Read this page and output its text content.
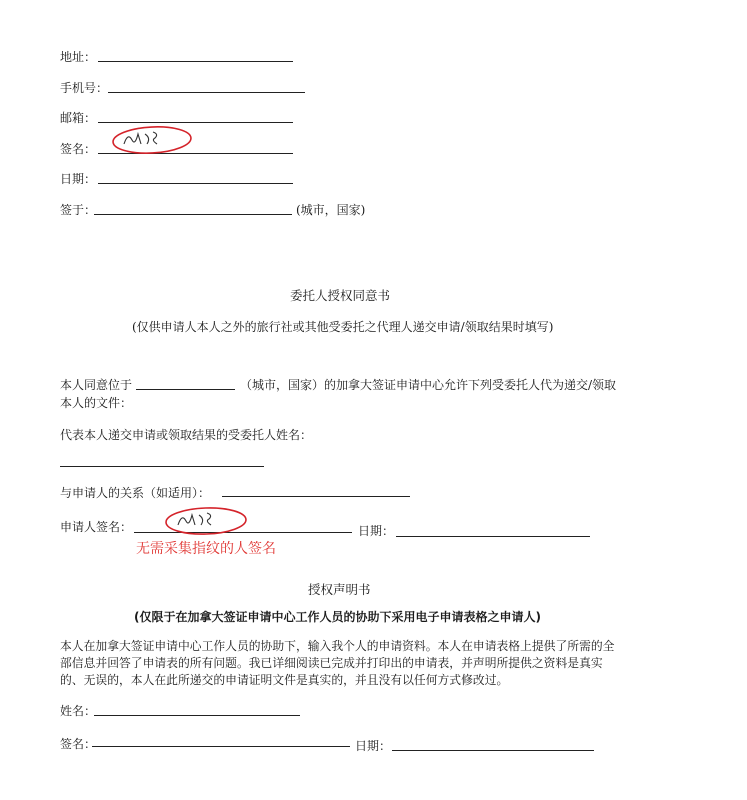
地址：
手机号：
邮箱：
签名：
日期：
签于：	(城市，国家)
委托人授权同意书
(仅供申请人本人之外的旅行社或其他受委托之代理人递交申请/领取结果时填写)
本人同意位于	（城市，国家）的加拿大签证申请中心允许下列受委托人代为递交/领取
本人的文件：
代表本人递交申请或领取结果的受委托人姓名：
与申请人的关系（如适用）：
申请人签名：	日期：
无需采集指纹的人签名
授权声明书
(仅限于在加拿大签证申请中心工作人员的协助下采用电子申请表格之申请人)
本人在加拿大签证申请中心工作人员的协助下，输入我个人的申请资料。本人在申请表格上提供了所需的全部信息并回答了申请表的所有问题。我已详细阅读已完成并打印出的申请表，并声明所提供之资料是真实的、无误的，本人在此所递交的申请证明文件是真实的，并且没有以任何方式修改过。
姓名：
签名：	日期：
